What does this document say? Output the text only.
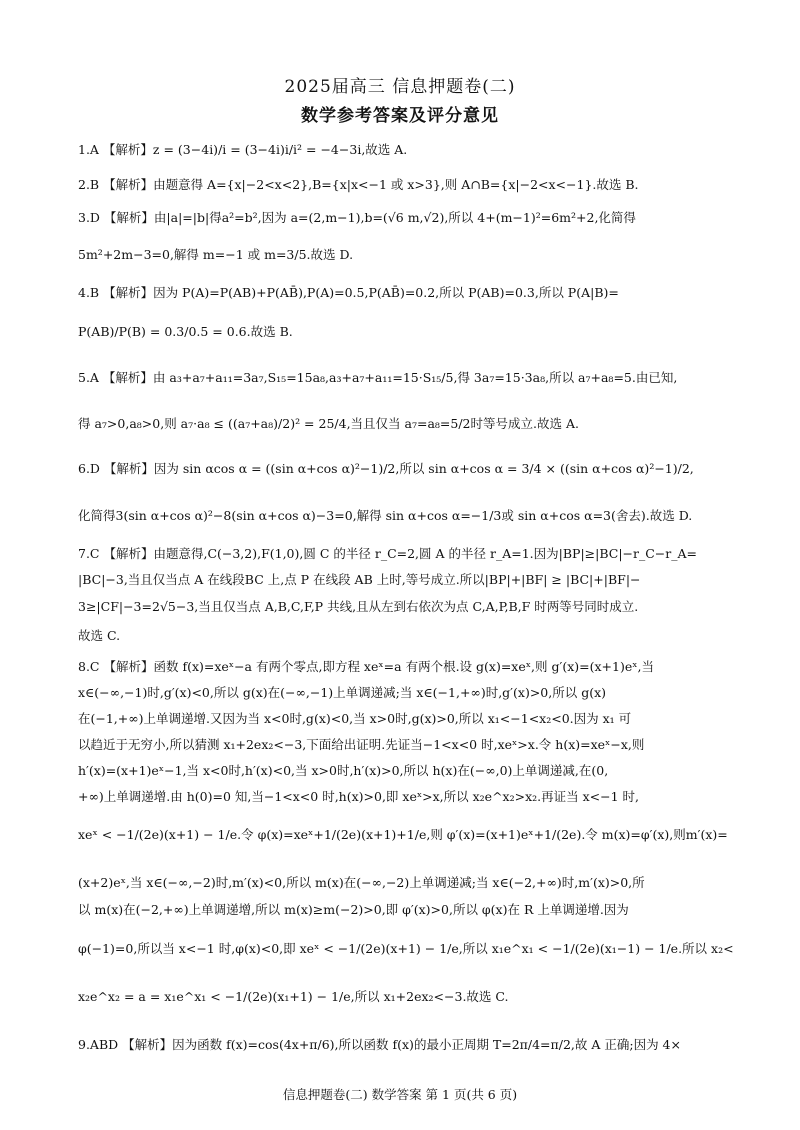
2025届高三 信息押题卷(二)
数学参考答案及评分意见
1.A 【解析】z = (3−4i)/i = (3−4i)i/i² = −4−3i,故选 A.
2.B 【解析】由题意得 A={x|−2<x<2},B={x|x<−1 或 x>3},则 A∩B={x|−2<x<−1}.故选 B.
3.D 【解析】由|a|=|b|得a²=b²,因为 a=(2,m−1),b=(√6 m,√2),所以 4+(m−1)²=6m²+2,化简得
5m²+2m−3=0,解得 m=−1 或 m=3/5.故选 D.
4.B 【解析】因为 P(A)=P(AB)+P(AB̄),P(A)=0.5,P(AB̄)=0.2,所以 P(AB)=0.3,所以 P(A|B)=
P(AB)/P(B) = 0.3/0.5 = 0.6.故选 B.
5.A 【解析】由 a₃+a₇+a₁₁=3a₇,S₁₅=15a₈,a₃+a₇+a₁₁=15·S₁₅/5,得 3a₇=15·3a₈,所以 a₇+a₈=5.由已知,
得 a₇>0,a₈>0,则 a₇·a₈ ≤ ((a₇+a₈)/2)² = 25/4,当且仅当 a₇=a₈=5/2时等号成立.故选 A.
6.D 【解析】因为 sin αcos α = ((sin α+cos α)²−1)/2,所以 sin α+cos α = 3/4 × ((sin α+cos α)²−1)/2,
化简得3(sin α+cos α)²−8(sin α+cos α)−3=0,解得 sin α+cos α=−1/3或 sin α+cos α=3(舍去).故选 D.
7.C 【解析】由题意得,C(−3,2),F(1,0),圆 C 的半径 r_C=2,圆 A 的半径 r_A=1.因为|BP|≥|BC|−r_C−r_A=
|BC|−3,当且仅当点 A 在线段BC 上,点 P 在线段 AB 上时,等号成立.所以|BP|+|BF| ≥ |BC|+|BF|−
3≥|CF|−3=2√5−3,当且仅当点 A,B,C,F,P 共线,且从左到右依次为点 C,A,P,B,F 时两等号同时成立.
故选 C.
8.C 【解析】函数 f(x)=xeˣ−a 有两个零点,即方程 xeˣ=a 有两个根.设 g(x)=xeˣ,则 g′(x)=(x+1)eˣ,当
x∈(−∞,−1)时,g′(x)<0,所以 g(x)在(−∞,−1)上单调递减;当 x∈(−1,+∞)时,g′(x)>0,所以 g(x)
在(−1,+∞)上单调递增.又因为当 x<0时,g(x)<0,当 x>0时,g(x)>0,所以 x₁<−1<x₂<0.因为 x₁ 可
以趋近于无穷小,所以猜测 x₁+2ex₂<−3,下面给出证明.先证当−1<x<0 时,xeˣ>x.令 h(x)=xeˣ−x,则
h′(x)=(x+1)eˣ−1,当 x<0时,h′(x)<0,当 x>0时,h′(x)>0,所以 h(x)在(−∞,0)上单调递减,在(0,
+∞)上单调递增.由 h(0)=0 知,当−1<x<0 时,h(x)>0,即 xeˣ>x,所以 x₂e^x₂>x₂.再证当 x<−1 时,
xeˣ < −1/(2e)(x+1) − 1/e.令 φ(x)=xeˣ+1/(2e)(x+1)+1/e,则 φ′(x)=(x+1)eˣ+1/(2e).令 m(x)=φ′(x),则m′(x)=
(x+2)eˣ,当 x∈(−∞,−2)时,m′(x)<0,所以 m(x)在(−∞,−2)上单调递减;当 x∈(−2,+∞)时,m′(x)>0,所
以 m(x)在(−2,+∞)上单调递增,所以 m(x)≥m(−2)>0,即 φ′(x)>0,所以 φ(x)在 R 上单调递增.因为
φ(−1)=0,所以当 x<−1 时,φ(x)<0,即 xeˣ < −1/(2e)(x+1) − 1/e,所以 x₁e^x₁ < −1/(2e)(x₁−1) − 1/e.所以 x₂<
x₂e^x₂ = a = x₁e^x₁ < −1/(2e)(x₁+1) − 1/e,所以 x₁+2ex₂<−3.故选 C.
9.ABD 【解析】因为函数 f(x)=cos(4x+π/6),所以函数 f(x)的最小正周期 T=2π/4=π/2,故 A 正确;因为 4×
信息押题卷(二) 数学答案 第 1 页(共 6 页)
